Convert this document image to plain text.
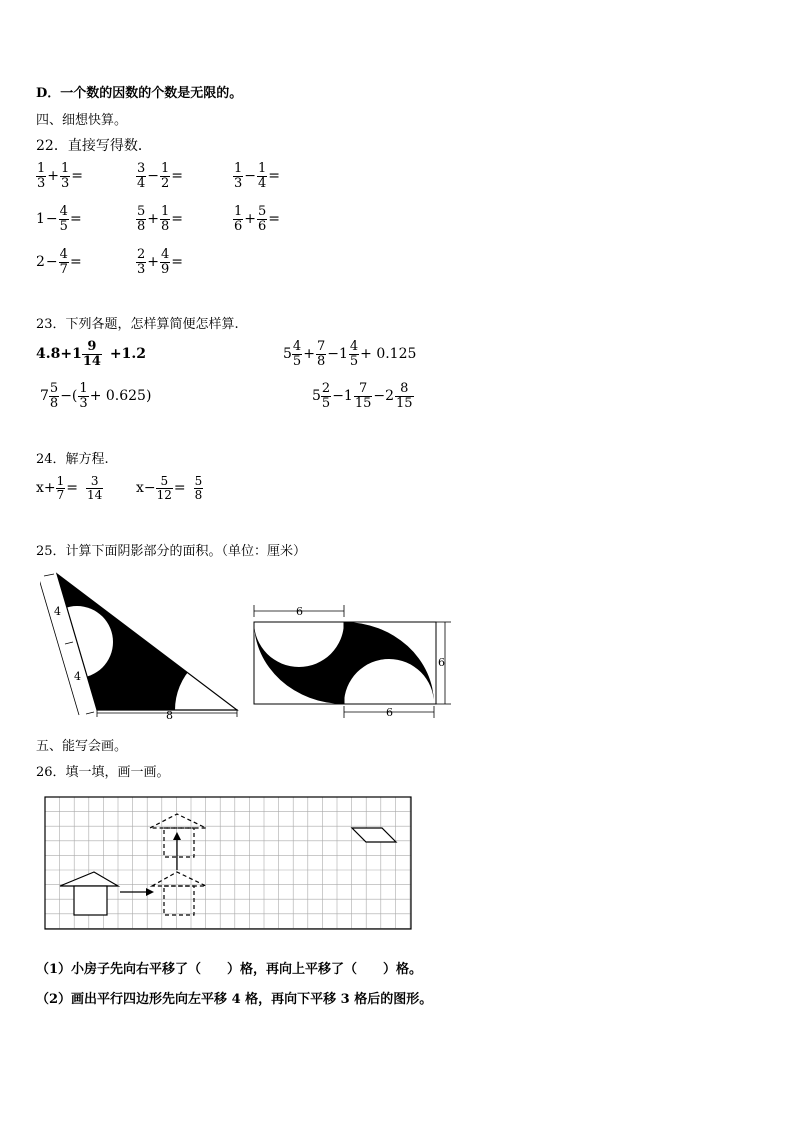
D．一个数的因数的个数是无限的。
四、细想快算。
22．直接写得数．
$\frac{1}{3} + \frac{1}{3}$ =	$\frac{3}{4} - \frac{1}{2}$ =	$\frac{1}{3} - \frac{1}{4}$ =
$1 - \frac{4}{5}$ =	$\frac{5}{8} + \frac{1}{8}$ =	$\frac{1}{6} + \frac{5}{6}$ =
$2 - \frac{4}{7}$ =	$\frac{2}{3} + \frac{4}{9}$ =
23．下列各题，怎样算简便怎样算.
$4.8+1 \frac{9}{14} +1.2$	$5 \frac{4}{5} + \frac{7}{8} -1 \frac{4}{5} + 0.125$
$7 \frac{5}{8}$ −( $\frac{1}{3} + 0.625$)	$5 \frac{2}{5} -1 \frac{7}{15} -2 \frac{8}{15}$
24．解方程.
$x+ \frac{1}{7} = \frac{3}{14} x- \frac{5}{12} = \frac{5}{8}$
25．计算下面阴影部分的面积。（单位：厘米）
4
4
8
6
6
6
五、能写会画。
26．填一填，画一画。
（1）小房子先向右平移了（　　）格，再向上平移了（　　）格。
（2）画出平行四边形先向左平移 4 格，再向下平移 3 格后的图形。
